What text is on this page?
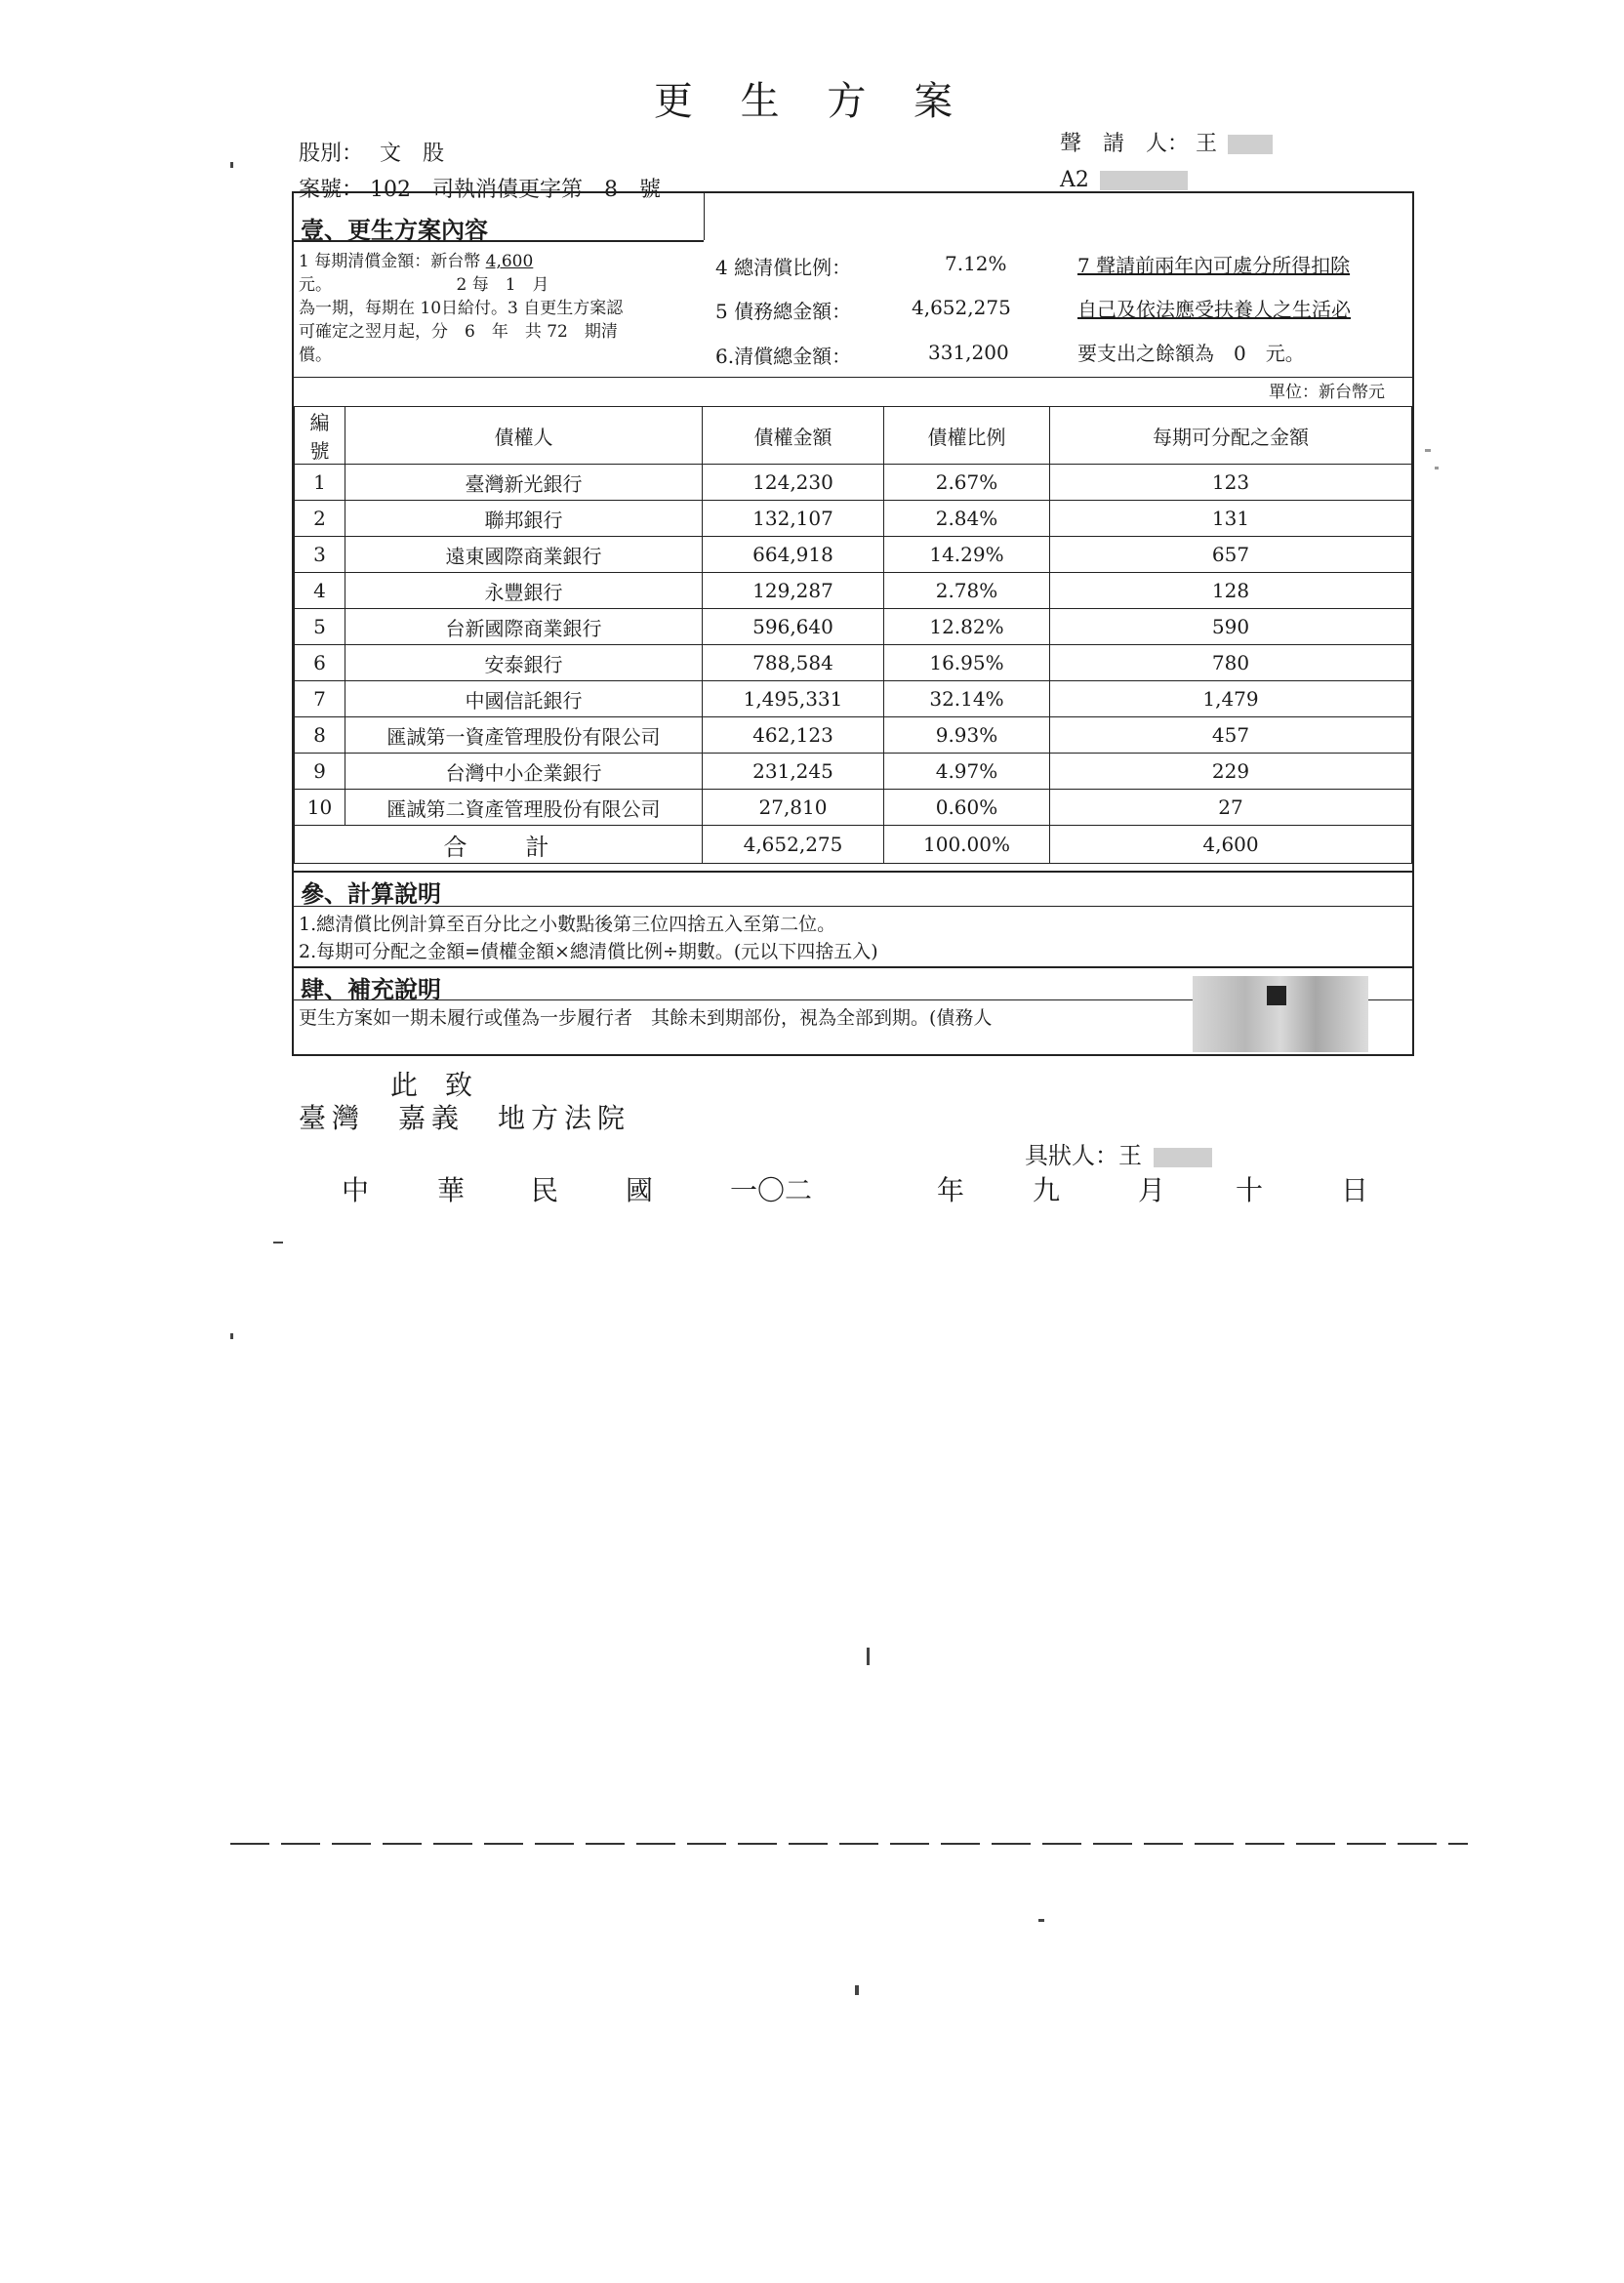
更 生 方 案
股別： 文　股
案號： 102　司執消債更字第　8　號
聲　請　人： 王
A2
壹、更生方案內容
1 每期清償金額：新台幣 4,600
元。　　　　　　　　2 每　1　月
為一期，每期在 10日給付。3 自更生方案認
可確定之翌月起，分　6　年　共 72　期清
償。
4 總清償比例：	7.12%
5 債務總金額：	4,652,275
6.清償總金額：	331,200
7 聲請前兩年內可處分所得扣除
自己及依法應受扶養人之生活必
要支出之餘額為　0　元。
單位：新台幣元
編號	債權人	債權金額	債權比例	每期可分配之金額
1	臺灣新光銀行	124,230	2.67%	123
2	聯邦銀行	132,107	2.84%	131
3	遠東國際商業銀行	664,918	14.29%	657
4	永豐銀行	129,287	2.78%	128
5	台新國際商業銀行	596,640	12.82%	590
6	安泰銀行	788,584	16.95%	780
7	中國信託銀行	1,495,331	32.14%	1,479
8	匯誠第一資產管理股份有限公司	462,123	9.93%	457
9	台灣中小企業銀行	231,245	4.97%	229
10	匯誠第二資產管理股份有限公司	27,810	0.60%	27
合　　計		4,652,275	100.00%	4,600
參、計算說明
1.總清償比例計算至百分比之小數點後第三位四捨五入至第二位。
2.每期可分配之金額=債權金額×總清償比例÷期數。(元以下四捨五入)
肆、補充說明
更生方案如一期未履行或僅為一步履行者　其餘未到期部份，視為全部到期。(債務人
此　致
臺灣　嘉義　地方法院
具狀人：王
中 華 民 國	一〇二	年 九	月	十	日
